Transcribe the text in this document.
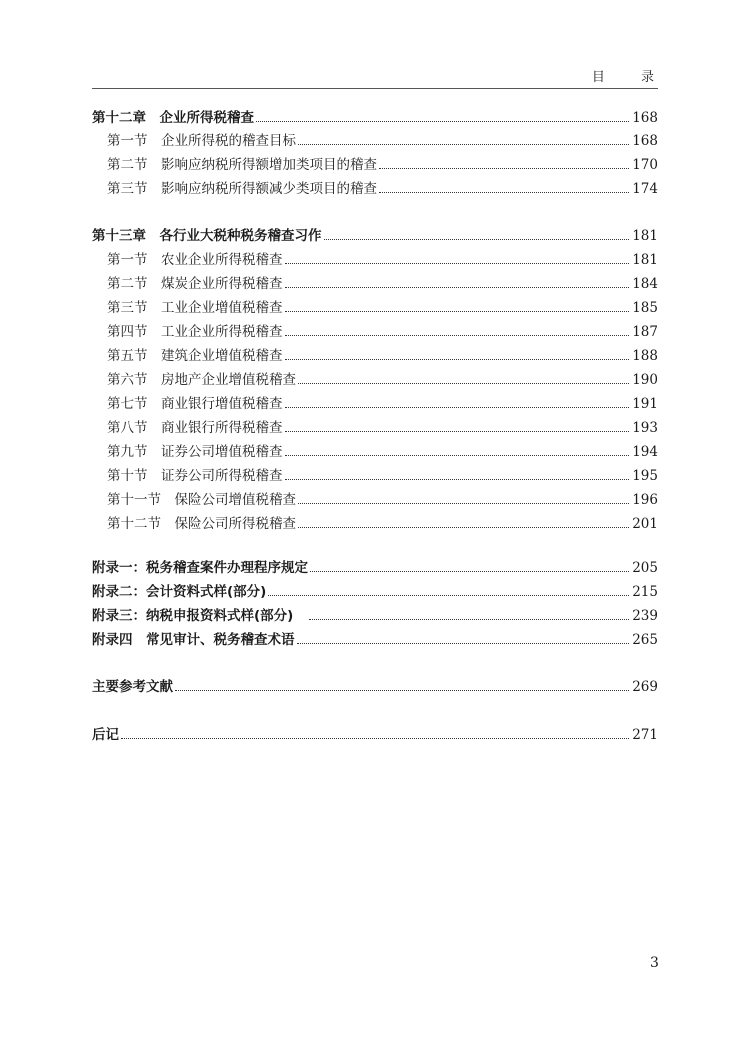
目 录
第十二章　企业所得税稽查	168
第一节　企业所得税的稽查目标	168
第二节　影响应纳税所得额增加类项目的稽查	170
第三节　影响应纳税所得额减少类项目的稽查	174
第十三章　各行业大税种税务稽查习作	181
第一节　农业企业所得税稽查	181
第二节　煤炭企业所得税稽查	184
第三节　工业企业增值税稽查	185
第四节　工业企业所得税稽查	187
第五节　建筑企业增值税稽查	188
第六节　房地产企业增值税稽查	190
第七节　商业银行增值税稽查	191
第八节　商业银行所得税稽查	193
第九节　证券公司增值税稽查	194
第十节　证券公司所得税稽查	195
第十一节　保险公司增值税稽查	196
第十二节　保险公司所得税稽查	201
附录一：税务稽查案件办理程序规定	205
附录二：会计资料式样(部分)	215
附录三：纳税申报资料式样(部分)　	239
附录四　常见审计、税务稽查术语	265
主要参考文献	269
后记	271
3
